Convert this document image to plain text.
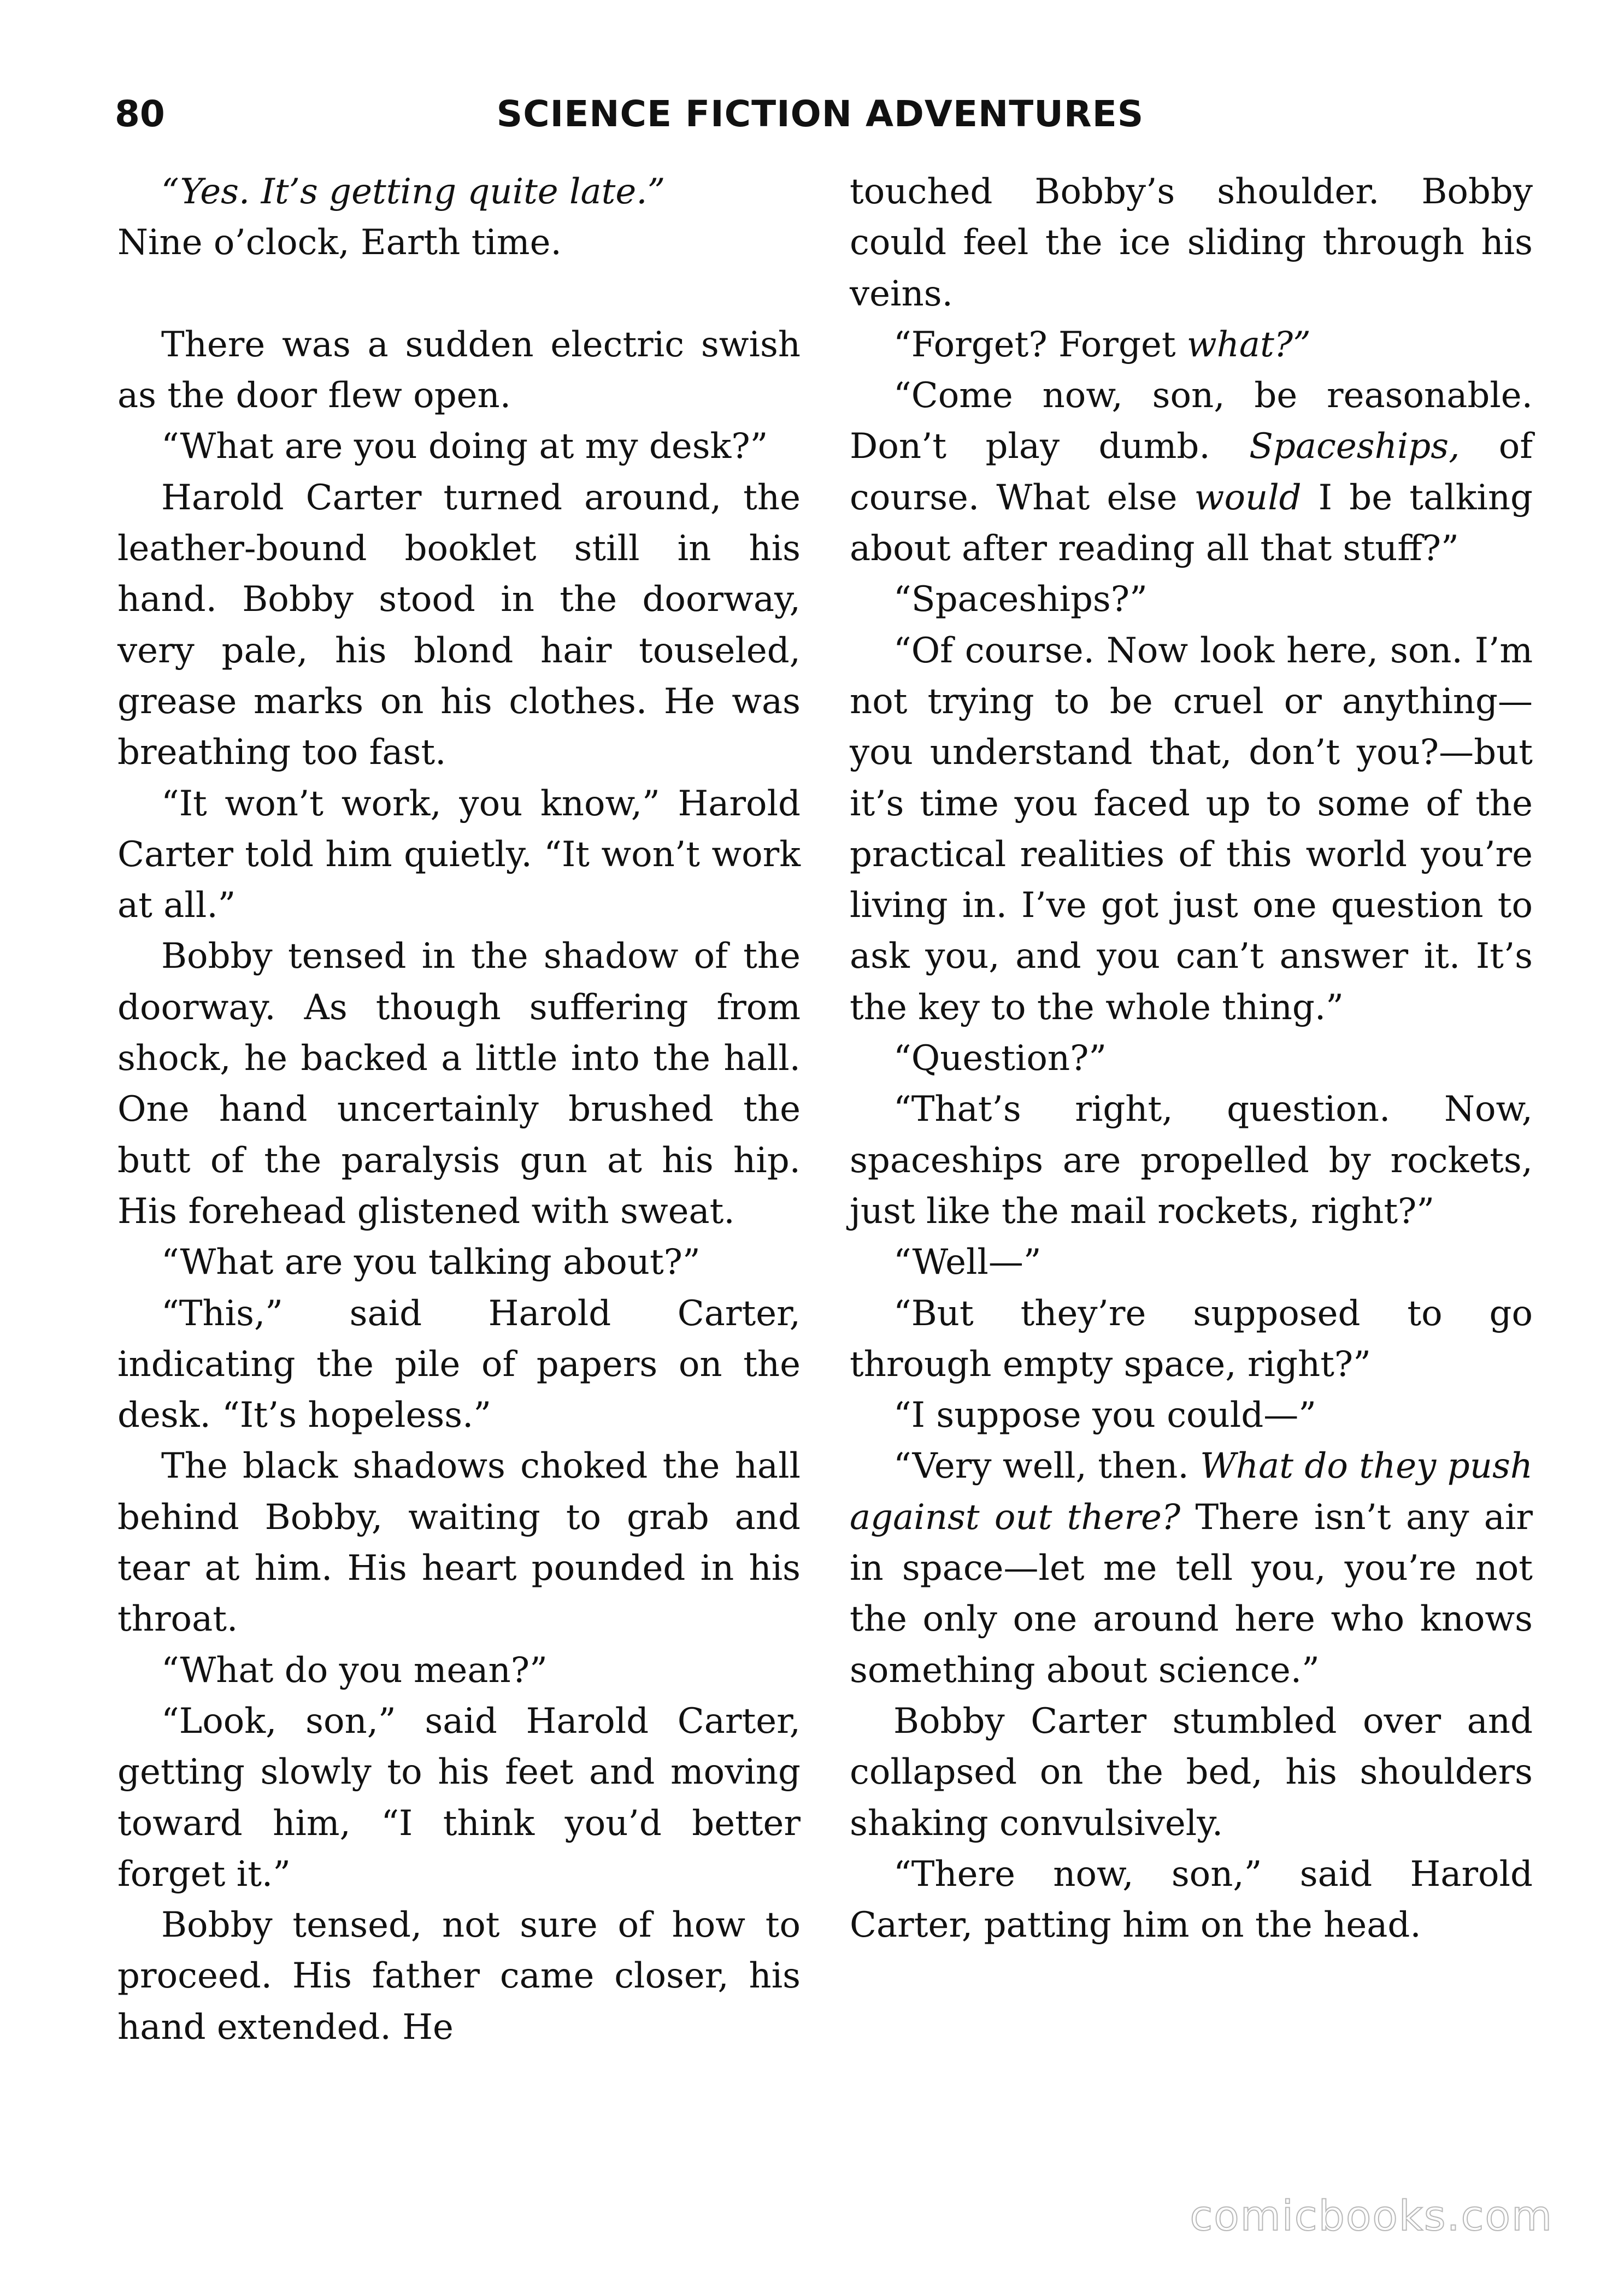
80	SCIENCE FICTION ADVENTURES

“Yes. It’s getting quite late.”
Nine o’clock, Earth time.

There was a sudden electric swish as the door flew open.

“What are you doing at my desk?”

Harold Carter turned around, the leather-bound booklet still in his hand. Bobby stood in the doorway, very pale, his blond hair touseled, grease marks on his clothes. He was breathing too fast.

“It won’t work, you know,” Harold Carter told him quietly. “It won’t work at all.”

Bobby tensed in the shadow of the doorway. As though suffering from shock, he backed a little into the hall. One hand uncertainly brushed the butt of the paralysis gun at his hip. His forehead glistened with sweat.

“What are you talking about?”

“This,” said Harold Carter, indicating the pile of papers on the desk. “It’s hopeless.”

The black shadows choked the hall behind Bobby, waiting to grab and tear at him. His heart pounded in his throat.

“What do you mean?”

“Look, son,” said Harold Carter, getting slowly to his feet and moving toward him, “I think you’d better forget it.”

Bobby tensed, not sure of how to proceed. His father came closer, his hand extended. He

touched Bobby’s shoulder. Bobby could feel the ice sliding through his veins.

“Forget? Forget what?”

“Come now, son, be reasonable. Don’t play dumb. Spaceships, of course. What else would I be talking about after reading all that stuff?”

“Spaceships?”

“Of course. Now look here, son. I’m not trying to be cruel or anything—you understand that, don’t you?—but it’s time you faced up to some of the practical realities of this world you’re living in. I’ve got just one question to ask you, and you can’t answer it. It’s the key to the whole thing.”

“Question?”

“That’s right, question. Now, spaceships are propelled by rockets, just like the mail rockets, right?”

“Well—”

“But they’re supposed to go through empty space, right?”

“I suppose you could—”

“Very well, then. What do they push against out there? There isn’t any air in space—let me tell you, you’re not the only one around here who knows something about science.”

Bobby Carter stumbled over and collapsed on the bed, his shoulders shaking convulsively.

“There now, son,” said Harold Carter, patting him on the head.

comicbooks.com
